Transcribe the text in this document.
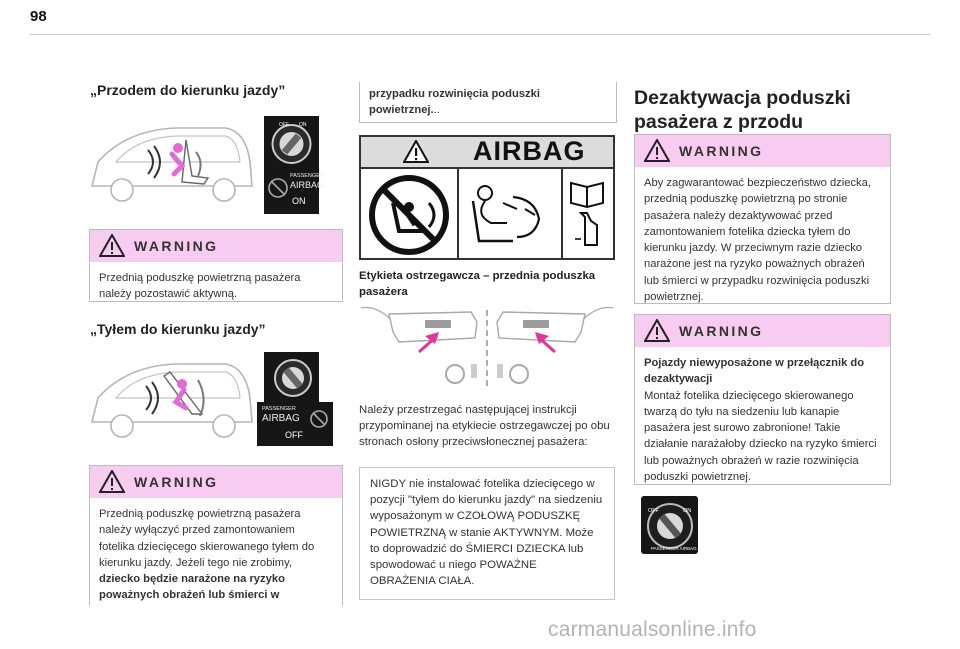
98
„Przodem do kierunku jazdy”
OFF ON
PASSENGER
AIRBAG
ON
WARNING
Przednią poduszkę powietrzną pasażera należy pozostawić aktywną.
„Tyłem do kierunku jazdy”
PASSENGER
AIRBAG
OFF
WARNING
Przednią poduszkę powietrzną pasażera należy wyłączyć przed zamontowaniem fotelika dziecięcego skierowanego tyłem do kierunku jazdy. Jeżeli tego nie zrobimy, dziecko będzie narażone na ryzyko poważnych obrażeń lub śmierci w
przypadku rozwinięcia poduszki powietrznej...
AIRBAG
Etykieta ostrzegawcza – przednia poduszka pasażera
Należy przestrzegać następującej instrukcji przypominanej na etykiecie ostrzegawczej po obu stronach osłony przeciwsłonecznej pasażera:
NIGDY nie instalować fotelika dziecięcego w pozycji "tyłem do kierunku jazdy" na siedzeniu wyposażonym w CZOŁOWĄ PODUSZKĘ POWIETRZNĄ w stanie AKTYWNYM. Może to doprowadzić do ŚMIERCI DZIECKA lub spowodować u niego POWAŻNE OBRAŻENIA CIAŁA.
Dezaktywacja poduszki
pasażera z przodu
WARNING
Aby zagwarantować bezpieczeństwo dziecka, przednią poduszkę powietrzną po stronie pasażera należy dezaktywować przed zamontowaniem fotelika dziecka tyłem do kierunku jazdy. W przeciwnym razie dziecko narażone jest na ryzyko poważnych obrażeń lub śmierci w przypadku rozwinięcia poduszki powietrznej.
WARNING
Pojazdy niewyposażone w przełącznik do dezaktywacji
Montaż fotelika dziecięcego skierowanego twarzą do tyłu na siedzeniu lub kanapie pasażera jest surowo zabronione! Takie działanie narażałoby dziecko na ryzyko śmierci lub poważnych obrażeń w razie rozwinięcia poduszki powietrznej.
OFF	ON
PASSENGER AIRBAG
carmanualsonline.info
